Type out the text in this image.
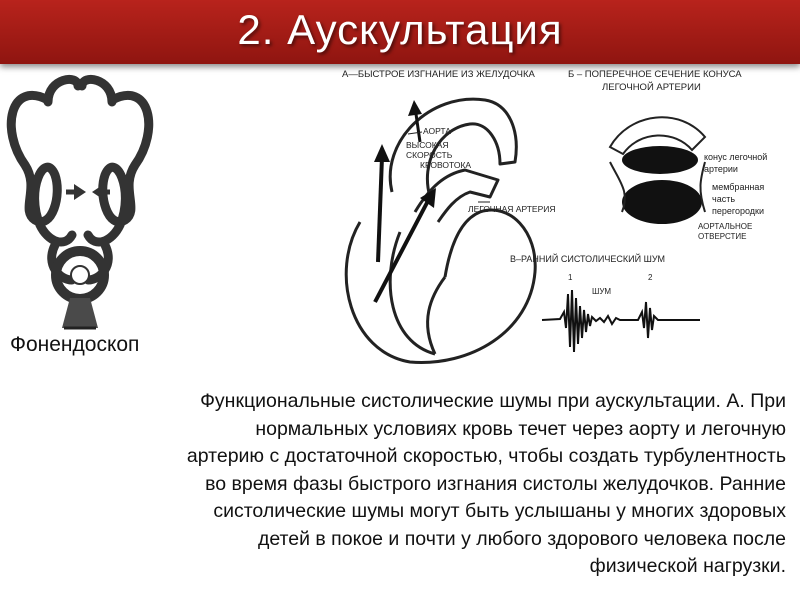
2. Аускультация
Фонендоскоп
А—БЫСТРОЕ ИЗГНАНИЕ ИЗ ЖЕЛУДОЧКА	Б – ПОПЕРЕЧНОЕ СЕЧЕНИЕ КОНУСА
ЛЕГОЧНОЙ АРТЕРИИ
АОРТА
ВЫСОКАЯ
СКОРОСТЬ
КРОВОТОКА
ЛЕГОЧНАЯ АРТЕРИЯ
конус легочной
артерии
мембранная
часть
перегородки
АОРТАЛЬНОЕ
ОТВЕРСТИЕ
В–РАННИЙ СИСТОЛИЧЕСКИЙ ШУМ
1	2
ШУМ
Функциональные систолические шумы при аускультации. А. При
нормальных условиях кровь течет через аорту и легочную
артерию с достаточной скоростью, чтобы создать турбулентность
во время фазы быстрого изгнания систолы желудочков. Ранние
систолические шумы могут быть услышаны у многих здоровых
детей в покое и почти у любого здорового человека после
физической нагрузки.
